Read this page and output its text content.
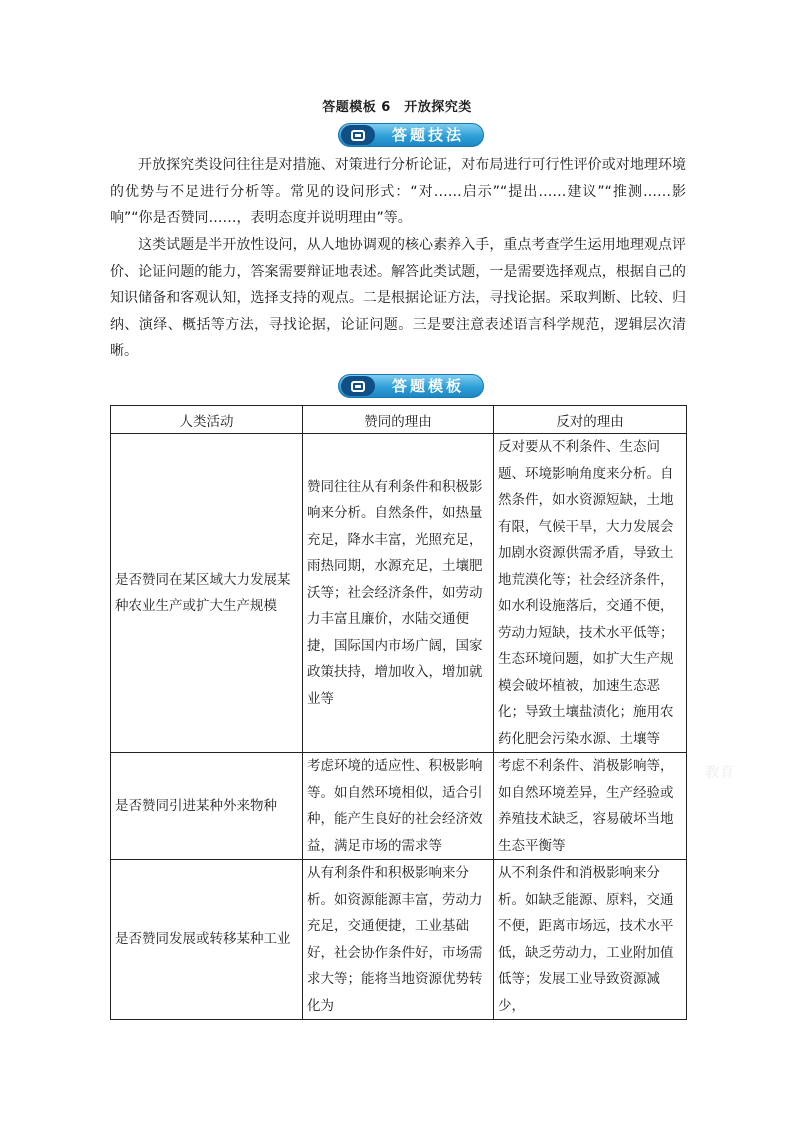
答题模板 6　开放探究类
答题技法

开放探究类设问往往是对措施、对策进行分析论证，对布局进行可行性评价或对地理环境的优势与不足进行分析等。常见的设问形式：“对……启示”“提出……建议”“推测……影响”“你是否赞同……，表明态度并说明理由”等。

这类试题是半开放性设问，从人地协调观的核心素养入手，重点考查学生运用地理观点评价、论证问题的能力，答案需要辩证地表述。解答此类试题，一是需要选择观点，根据自己的知识储备和客观认知，选择支持的观点。二是根据论证方法，寻找论据。采取判断、比较、归纳、演绎、概括等方法，寻找论据，论证问题。三是要注意表述语言科学规范，逻辑层次清晰。

答题模板
人类活动	赞同的理由	反对的理由
是否赞同在某区域大力发展某种农业生产或扩大生产规模	赞同往往从有利条件和积极影响来分析。自然条件，如热量充足，降水丰富，光照充足，雨热同期，水源充足，土壤肥沃等；社会经济条件，如劳动力丰富且廉价，水陆交通便捷，国际国内市场广阔，国家政策扶持，增加收入，增加就业等	反对要从不利条件、生态问题、环境影响角度来分析。自然条件，如水资源短缺，土地有限，气候干旱，大力发展会加剧水资源供需矛盾，导致土地荒漠化等；社会经济条件，如水利设施落后，交通不便，劳动力短缺，技术水平低等；生态环境问题，如扩大生产规模会破坏植被，加速生态恶化；导致土壤盐渍化；施用农药化肥会污染水源、土壤等
是否赞同引进某种外来物种	考虑环境的适应性、积极影响等。如自然环境相似，适合引种，能产生良好的社会经济效益，满足市场的需求等	考虑不利条件、消极影响等，如自然环境差异，生产经验或养殖技术缺乏，容易破坏当地生态平衡等
是否赞同发展或转移某种工业	从有利条件和积极影响来分析。如资源能源丰富，劳动力充足，交通便捷，工业基础好，社会协作条件好，市场需求大等；能将当地资源优势转化为	从不利条件和消极影响来分析。如缺乏能源、原料，交通不便，距离市场远，技术水平低，缺乏劳动力，工业附加值低等；发展工业导致资源减少，
教育
